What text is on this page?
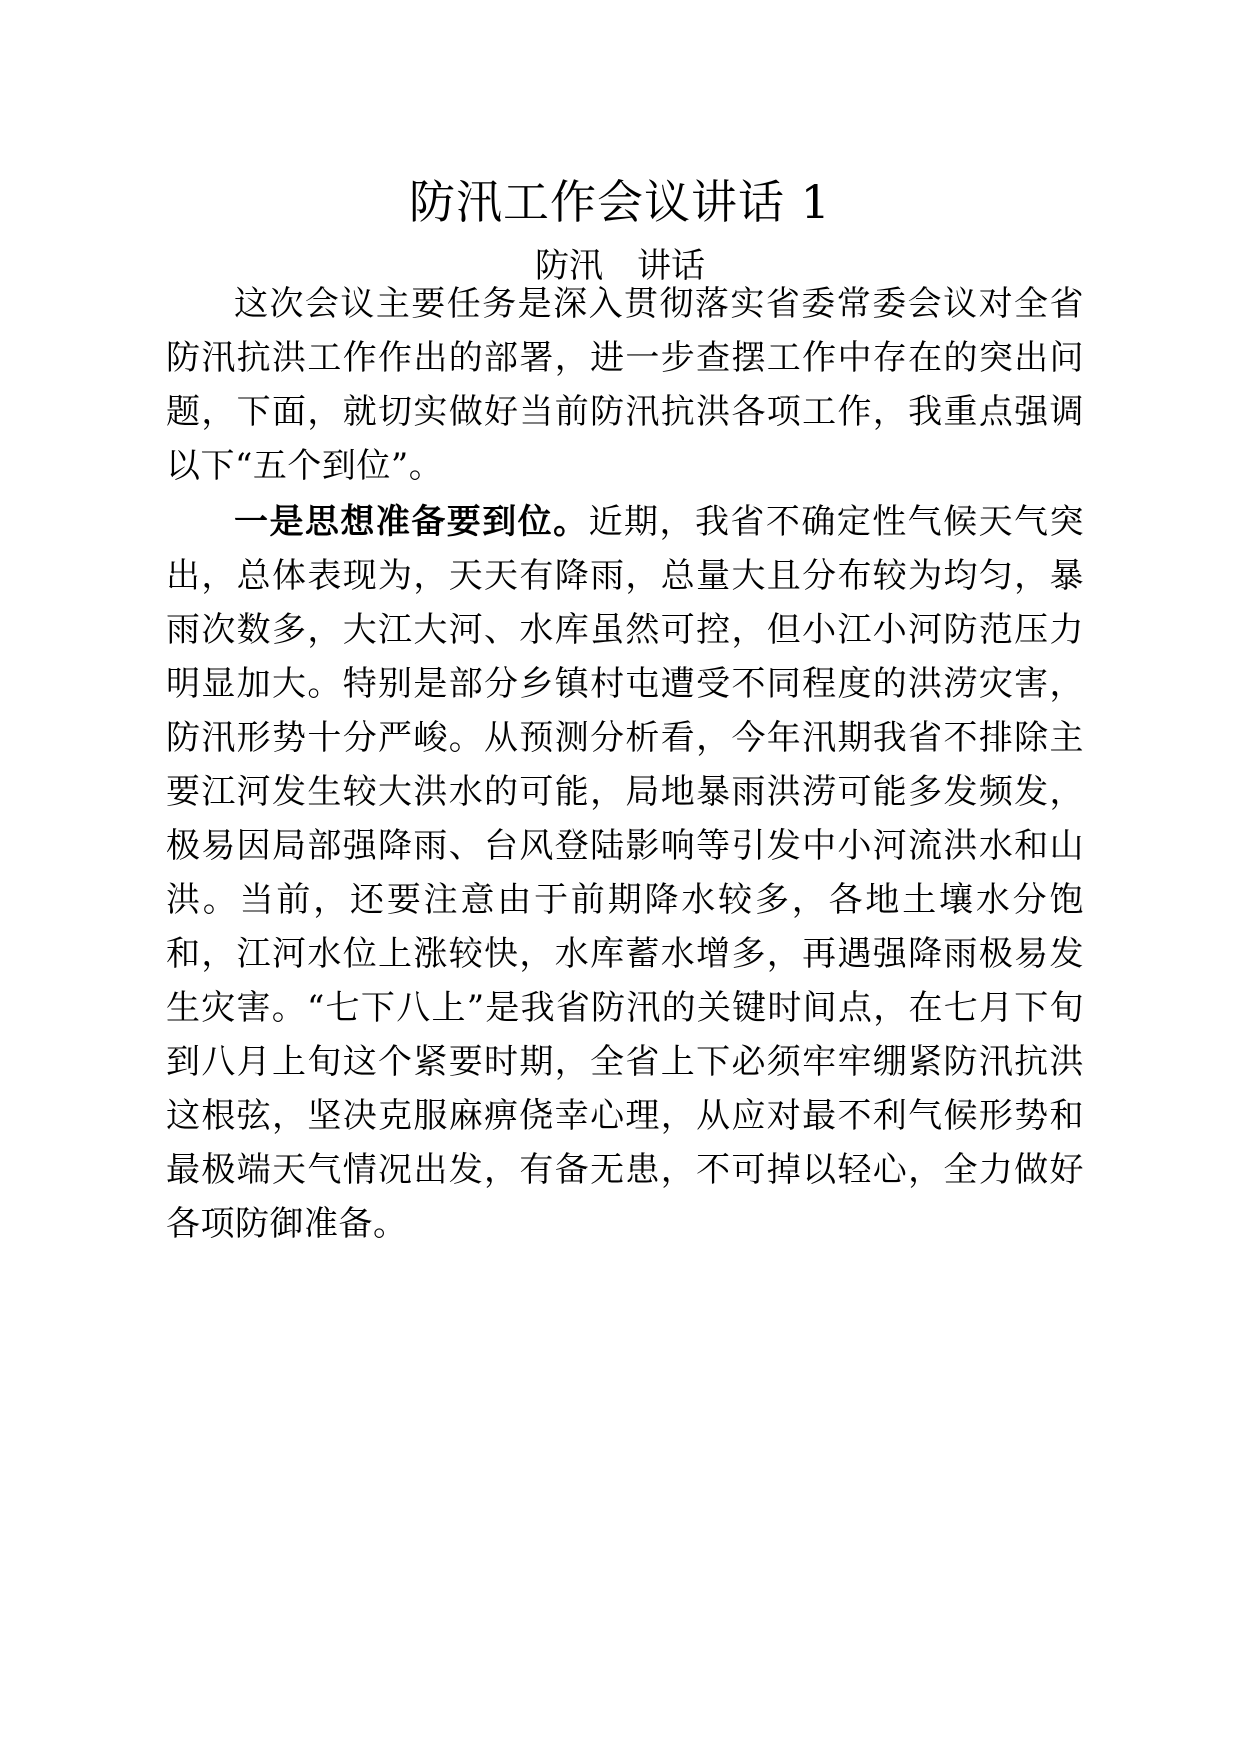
防汛工作会议讲话 1

防汛 讲话

这次会议主要任务是深入贯彻落实省委常委会议对全省防汛抗洪工作作出的部署，进一步查摆工作中存在的突出问题，下面，就切实做好当前防汛抗洪各项工作，我重点强调以下“五个到位”。

一是思想准备要到位。近期，我省不确定性气候天气突出，总体表现为，天天有降雨，总量大且分布较为均匀，暴雨次数多，大江大河、水库虽然可控，但小江小河防范压力明显加大。特别是部分乡镇村屯遭受不同程度的洪涝灾害，防汛形势十分严峻。从预测分析看，今年汛期我省不排除主要江河发生较大洪水的可能，局地暴雨洪涝可能多发频发，极易因局部强降雨、台风登陆影响等引发中小河流洪水和山洪。当前，还要注意由于前期降水较多，各地土壤水分饱和，江河水位上涨较快，水库蓄水增多，再遇强降雨极易发生灾害。“七下八上”是我省防汛的关键时间点，在七月下旬到八月上旬这个紧要时期，全省上下必须牢牢绷紧防汛抗洪这根弦，坚决克服麻痹侥幸心理，从应对最不利气候形势和最极端天气情况出发，有备无患，不可掉以轻心，全力做好各项防御准备。
